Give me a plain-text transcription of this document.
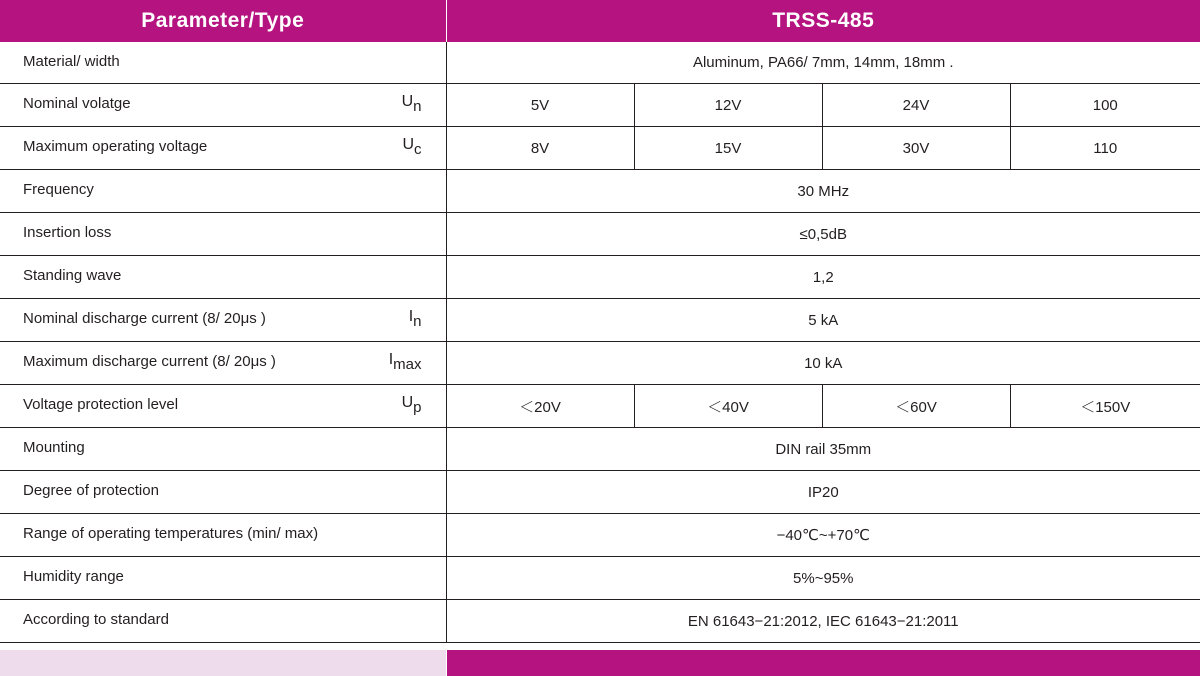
Parameter/Type	TRSS-485			

Material/ width	Aluminum, PA66/ 7mm, 14mm, 18mm .			

Nominal volatge $U_n$	5V	12V	24V	100

Maximum operating voltage $U_c$	8V	15V	30V	110

Frequency	30 MHz			

Insertion loss	≤0,5dB			

Standing wave	1,2			

Nominal discharge current (8/ 20μs ) $I_n$	5 kA			

Maximum discharge current (8/ 20μs ) $I_{max}$	10 kA			

Voltage protection level $U_p$	＜20V	＜40V	＜60V	＜150V

Mounting	DIN rail 35mm			

Degree of protection	IP20			

Range of operating temperatures (min/ max)	−40℃~+70℃			

Humidity range	5%~95%			

According to standard	EN 61643−21:2012, IEC 61643−21:2011			
